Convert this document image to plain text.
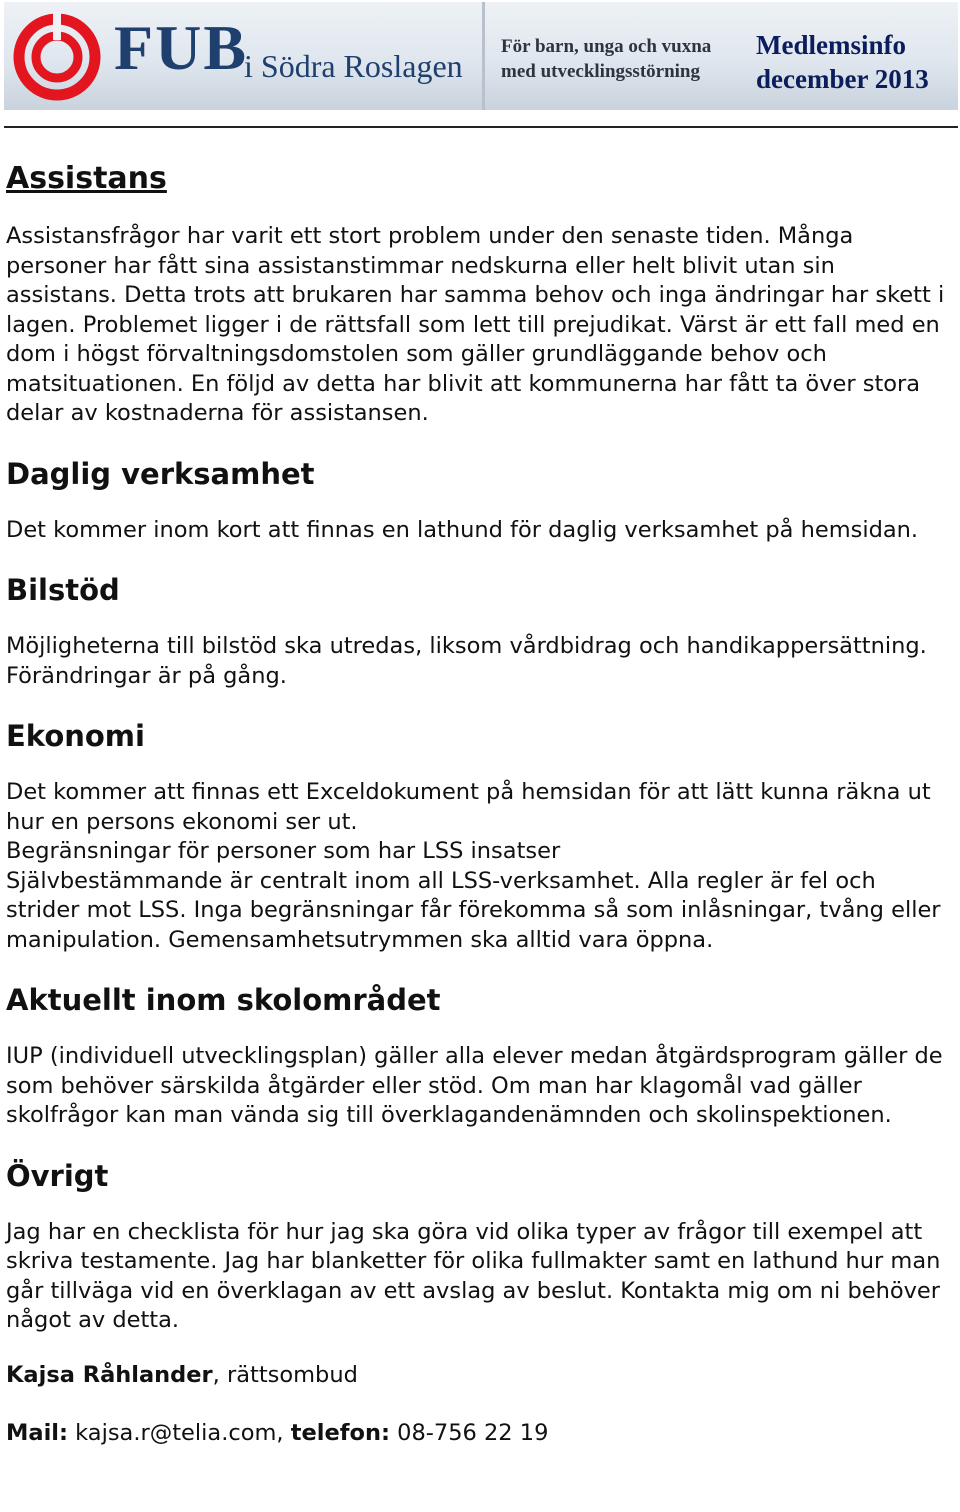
FUB
i Södra Roslagen
För barn, unga och vuxna
med utvecklingsstörning
Medlemsinfo
december 2013
Assistans

Assistansfrågor har varit ett stort problem under den senaste tiden. Många personer har fått sina assistanstimmar nedskurna eller helt blivit utan sin assistans. Detta trots att brukaren har samma behov och inga ändringar har skett i lagen. Problemet ligger i de rättsfall som lett till prejudikat. Värst är ett fall med en dom i högst förvaltningsdomstolen som gäller grundläggande behov och matsituationen. En följd av detta har blivit att kommunerna har fått ta över stora delar av kostnaderna för assistansen.

Daglig verksamhet

Det kommer inom kort att finnas en lathund för daglig verksamhet på hemsidan.

Bilstöd

Möjligheterna till bilstöd ska utredas, liksom vårdbidrag och handikappersättning. Förändringar är på gång.

Ekonomi

Det kommer att finnas ett Exceldokument på hemsidan för att lätt kunna räkna ut hur en persons ekonomi ser ut.

Begränsningar för personer som har LSS insatser

Självbestämmande är centralt inom all LSS-verksamhet. Alla regler är fel och strider mot LSS. Inga begränsningar får förekomma så som inlåsningar, tvång eller manipulation. Gemensamhetsutrymmen ska alltid vara öppna.

Aktuellt inom skolområdet

IUP (individuell utvecklingsplan) gäller alla elever medan åtgärdsprogram gäller de som behöver särskilda åtgärder eller stöd. Om man har klagomål vad gäller skolfrågor kan man vända sig till överklagandenämnden och skolinspektionen.

Övrigt

Jag har en checklista för hur jag ska göra vid olika typer av frågor till exempel att skriva testamente. Jag har blanketter för olika fullmakter samt en lathund hur man går tillväga vid en överklagan av ett avslag av beslut. Kontakta mig om ni behöver något av detta.

Kajsa Råhlander, rättsombud
Mail: kajsa.r@telia.com, telefon: 08-756 22 19
